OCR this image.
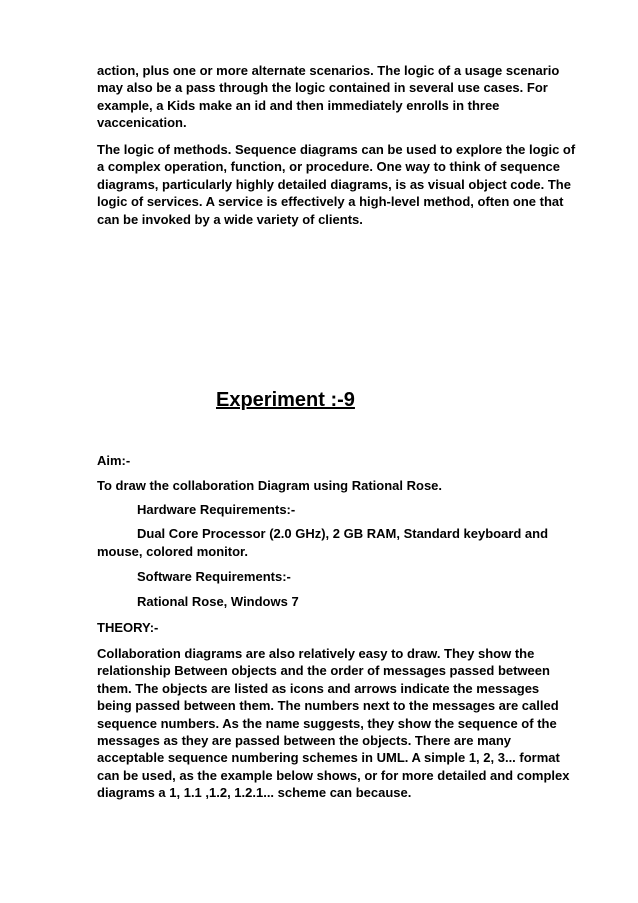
action, plus one or more alternate scenarios. The logic of a usage scenario may also be a pass through the logic contained in several use cases. For example, a Kids make an id and then immediately enrolls in three vaccenication.
The logic of methods. Sequence diagrams can be used to explore the logic of a complex operation, function, or procedure. One way to think of sequence diagrams, particularly highly detailed diagrams, is as visual object code. The logic of services. A service is effectively a high-level method, often one that can be invoked by a wide variety of clients.
Experiment :-9
Aim:-
To draw the collaboration Diagram using Rational Rose.
Hardware Requirements:-
Dual Core Processor (2.0 GHz), 2 GB RAM, Standard keyboard and
mouse, colored monitor.
Software Requirements:-
Rational Rose, Windows 7
THEORY:-
Collaboration diagrams are also relatively easy to draw. They show the relationship Between objects and the order of messages passed between them. The objects are listed as icons and arrows indicate the messages being passed between them. The numbers next to the messages are called sequence numbers. As the name suggests, they show the sequence of the messages as they are passed between the objects. There are many acceptable sequence numbering schemes in UML. A simple 1, 2, 3... format can be used, as the example below shows, or for more detailed and complex diagrams a 1, 1.1 ,1.2, 1.2.1... scheme can because.
